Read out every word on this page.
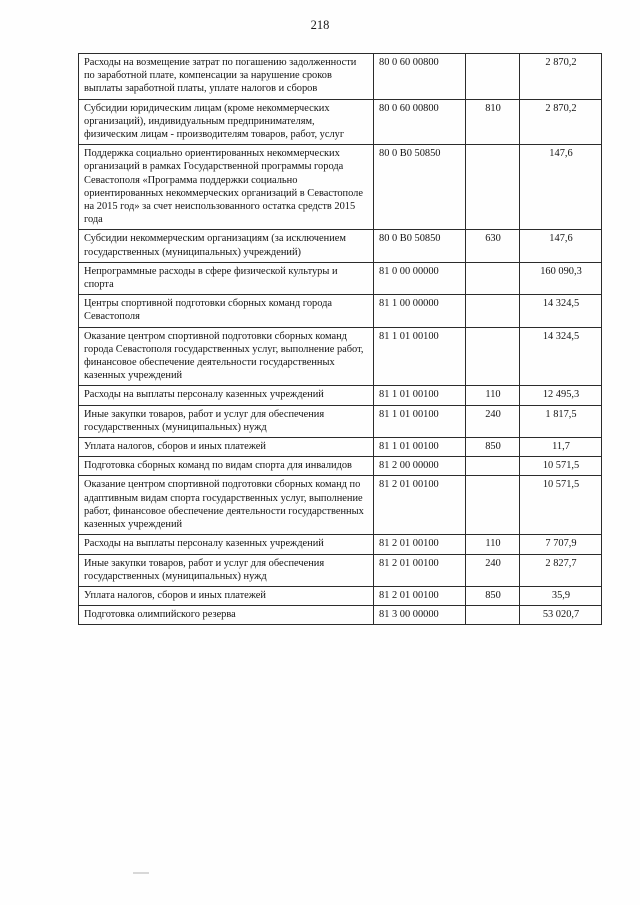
218
Расходы на возмещение затрат по погашению задолженности по заработной плате, компенсации за нарушение сроков выплаты заработной платы, уплате налогов и сборов	80 0 60 00800		2 870,2
Субсидии юридическим лицам (кроме некоммерческих организаций), индивидуальным предпринимателям, физическим лицам - производителям товаров, работ, услуг	80 0 60 00800	810	2 870,2
Поддержка социально ориентированных некоммерческих организаций в рамках Государственной программы города Севастополя «Программа поддержки социально ориентированных некоммерческих организаций в Севастополе на 2015 год» за счет неиспользованного остатка средств 2015 года	80 0 В0 50850		147,6
Субсидии некоммерческим организациям (за исключением государственных (муниципальных) учреждений)	80 0 В0 50850	630	147,6
Непрограммные расходы в сфере физической культуры и спорта	81 0 00 00000		160 090,3
Центры спортивной подготовки сборных команд города Севастополя	81 1 00 00000		14 324,5
Оказание центром спортивной подготовки сборных команд города Севастополя государственных услуг, выполнение работ, финансовое обеспечение деятельности государственных казенных учреждений	81 1 01 00100		14 324,5
Расходы на выплаты персоналу казенных учреждений	81 1 01 00100	110	12 495,3
Иные закупки товаров, работ и услуг для обеспечения государственных (муниципальных) нужд	81 1 01 00100	240	1 817,5
Уплата налогов, сборов и иных платежей	81 1 01 00100	850	11,7
Подготовка сборных команд по видам спорта для инвалидов	81 2 00 00000		10 571,5
Оказание центром спортивной подготовки сборных команд по адаптивным видам спорта государственных услуг, выполнение работ, финансовое обеспечение деятельности государственных казенных учреждений	81 2 01 00100		10 571,5
Расходы на выплаты персоналу казенных учреждений	81 2 01 00100	110	7 707,9
Иные закупки товаров, работ и услуг для обеспечения государственных (муниципальных) нужд	81 2 01 00100	240	2 827,7
Уплата налогов, сборов и иных платежей	81 2 01 00100	850	35,9
Подготовка олимпийского резерва	81 3 00 00000		53 020,7
